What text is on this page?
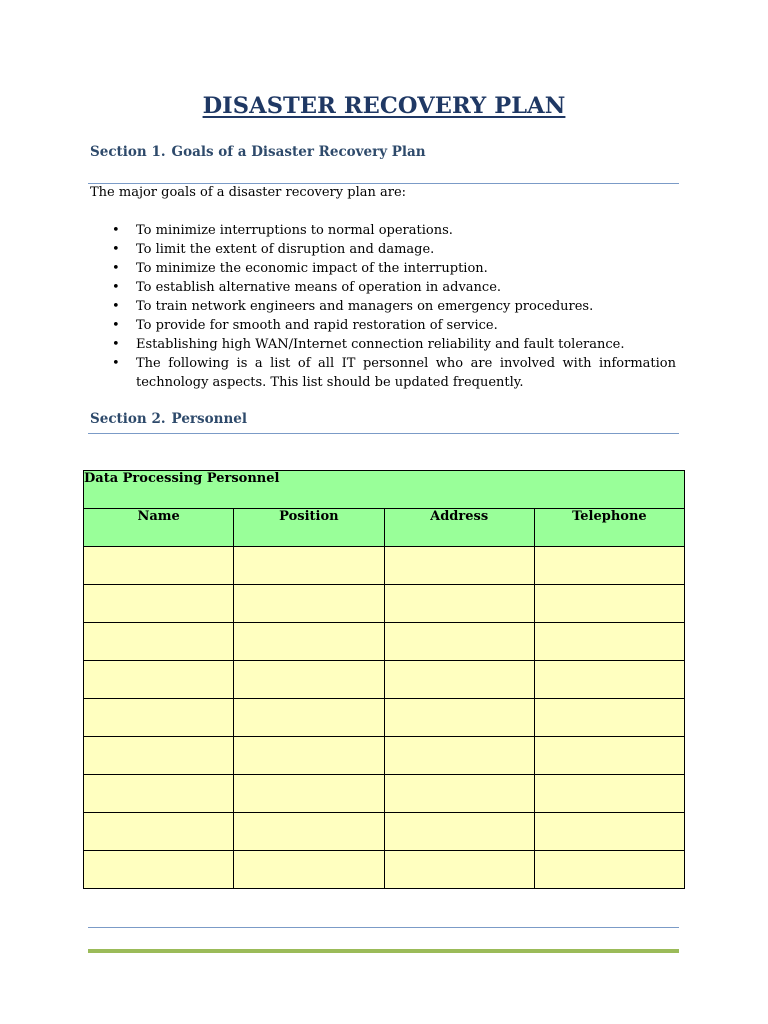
DISASTER RECOVERY PLAN
Section 1. Goals of a Disaster Recovery Plan
The major goals of a disaster recovery plan are:
• To minimize interruptions to normal operations.
• To limit the extent of disruption and damage.
• To minimize the economic impact of the interruption.
• To establish alternative means of operation in advance.
• To train network engineers and managers on emergency procedures.
• To provide for smooth and rapid restoration of service.
• Establishing high WAN/Internet connection reliability and fault tolerance.
• The following is a list of all IT personnel who are involved with information technology aspects. This list should be updated frequently.
Section 2. Personnel
Data Processing Personnel			
Name	Position	Address	Telephone
